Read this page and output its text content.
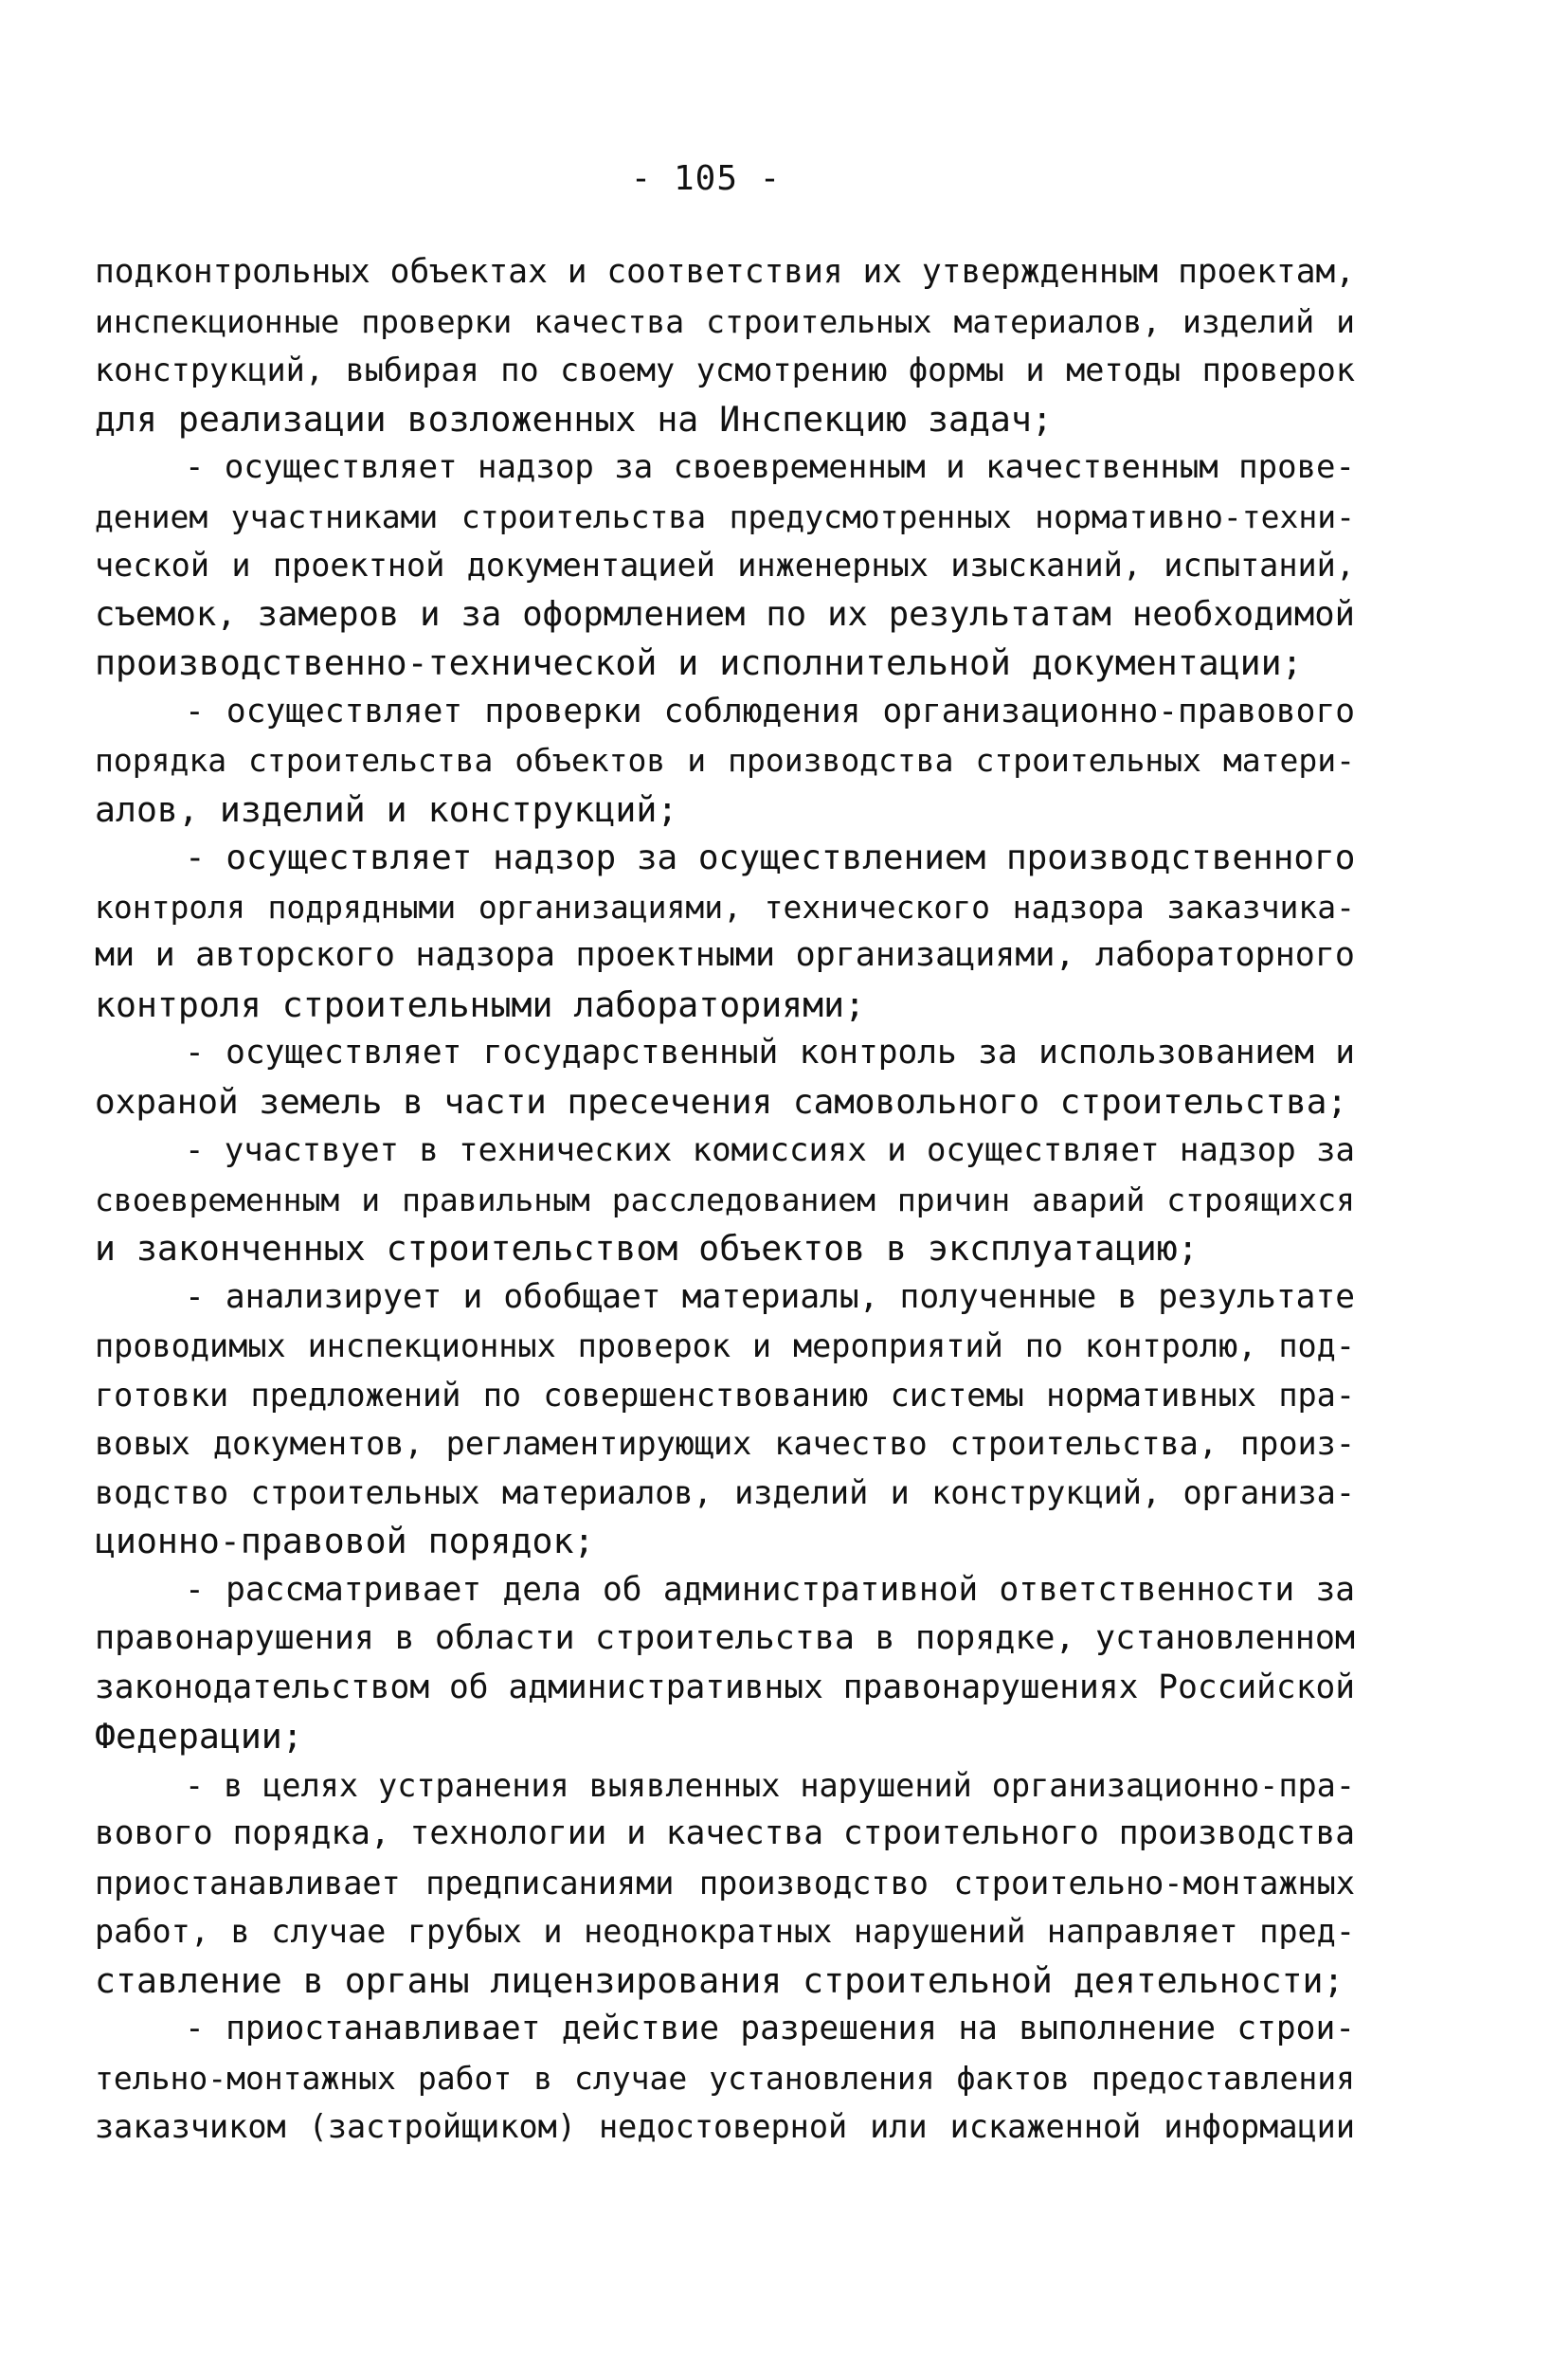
- 105 -
подконтрольных объектах и соответствия их утвержденным проектам,
инспекционные проверки качества строительных материалов, изделий и
конструкций, выбирая по своему усмотрению формы и методы проверок
для реализации возложенных на Инспекцию задач;
- осуществляет надзор за своевременным и качественным прове-
дением участниками строительства предусмотренных нормативно-техни-
ческой и проектной документацией инженерных изысканий, испытаний,
съемок, замеров и за оформлением по их результатам необходимой
производственно-технической и исполнительной документации;
- осуществляет проверки соблюдения организационно-правового
порядка строительства объектов и производства строительных матери-
алов, изделий и конструкций;
- осуществляет надзор за осуществлением производственного
контроля подрядными организациями, технического надзора заказчика-
ми и авторского надзора проектными организациями, лабораторного
контроля строительными лабораториями;
- осуществляет государственный контроль за использованием и
охраной земель в части пресечения самовольного строительства;
- участвует в технических комиссиях и осуществляет надзор за
своевременным и правильным расследованием причин аварий строящихся
и законченных строительством объектов в эксплуатацию;
- анализирует и обобщает материалы, полученные в результате
проводимых инспекционных проверок и мероприятий по контролю, под-
готовки предложений по совершенствованию системы нормативных пра-
вовых документов, регламентирующих качество строительства, произ-
водство строительных материалов, изделий и конструкций, организа-
ционно-правовой порядок;
- рассматривает дела об административной ответственности за
правонарушения в области строительства в порядке, установленном
законодательством об административных правонарушениях Российской
Федерации;
- в целях устранения выявленных нарушений организационно-пра-
вового порядка, технологии и качества строительного производства
приостанавливает предписаниями производство строительно-монтажных
работ, в случае грубых и неоднократных нарушений направляет пред-
ставление в органы лицензирования строительной деятельности;
- приостанавливает действие разрешения на выполнение строи-
тельно-монтажных работ в случае установления фактов предоставления
заказчиком (застройщиком) недостоверной или искаженной информации
